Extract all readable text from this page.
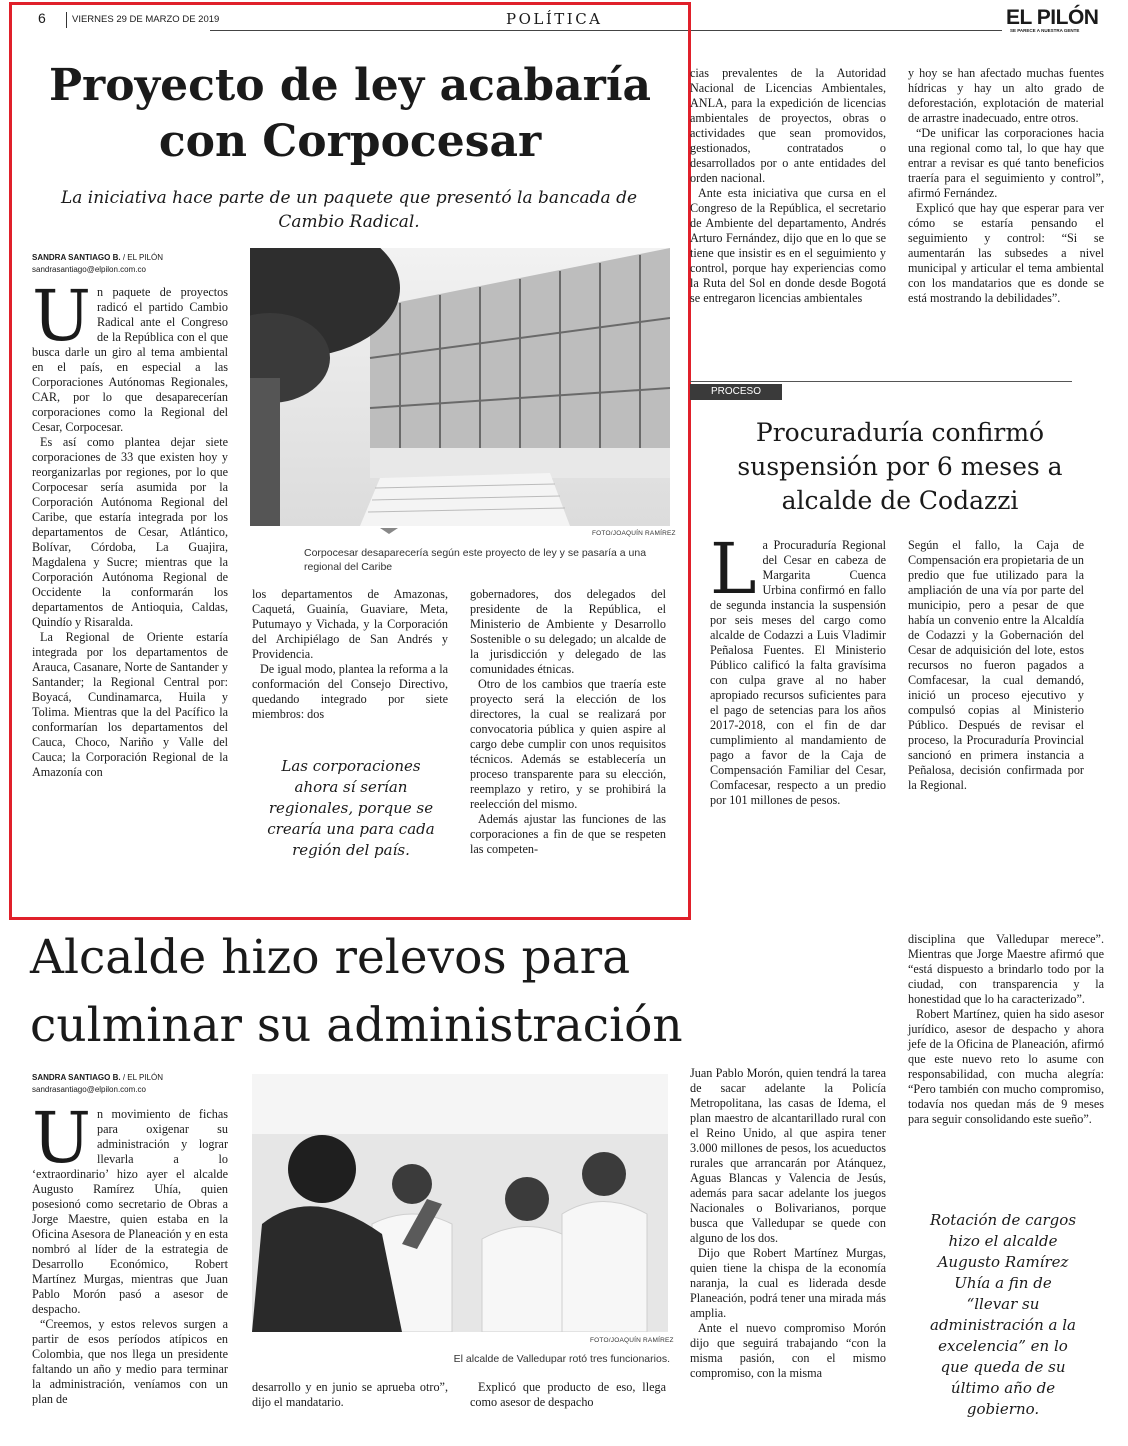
6	VIERNES 29 DE MARZO DE 2019	POLÍTICA	EL PILÓN
SE PARECE A NUESTRA GENTE
Proyecto de ley acabaría con Corpocesar
La iniciativa hace parte de un paquete que presentó la bancada de Cambio Radical.
SANDRA SANTIAGO B. / EL PILÓN
sandrasantiago@elpilon.com.co
U n paquete de proyectos radicó el partido Cambio Radical ante el Congreso de la República con el que busca darle un giro al tema ambiental en el país, en especial a las Corporaciones Autónomas Regionales, CAR, por lo que desaparecerían corporaciones como la Regional del Cesar, Corpocesar.

Es así como plantea dejar siete corporaciones de 33 que existen hoy y reorganizarlas por regiones, por lo que Corpocesar sería asumida por la Corporación Autónoma Regional del Caribe, que estaría integrada por los departamentos de Cesar, Atlántico, Bolívar, Córdoba, La Guajira, Magdalena y Sucre; mientras que la Corporación Autónoma Regional de Occidente la conformarán los departamentos de Antioquia, Caldas, Quindío y Risaralda.

La Regional de Oriente estaría integrada por los departamentos de Arauca, Casanare, Norte de Santander y Santander; la Regional Central por: Boyacá, Cundinamarca, Huila y Tolima. Mientras que la del Pacífico la conformarían los departamentos del Cauca, Choco, Nariño y Valle del Cauca; la Corporación Regional de la Amazonía con

FOTO/JOAQUÍN RAMÍREZ
Corpocesar desaparecería según este proyecto de ley y se pasaría a una regional del Caribe

los departamentos de Amazonas, Caquetá, Guainía, Guaviare, Meta, Putumayo y Vichada, y la Corporación del Archipiélago de San Andrés y Providencia.

De igual modo, plantea la reforma a la conformación del Consejo Directivo, quedando integrado por siete miembros: dos

Las corporaciones ahora sí serían regionales, porque se crearía una para cada región del país.

gobernadores, dos delegados del presidente de la República, el Ministerio de Ambiente y Desarrollo Sostenible o su delegado; un alcalde de la jurisdicción y delegado de las comunidades étnicas.

Otro de los cambios que traería este proyecto será la elección de los directores, la cual se realizará por convocatoria pública y quien aspire al cargo debe cumplir con unos requisitos técnicos. Además se establecería un proceso transparente para su elección, reemplazo y retiro, y se prohibirá la reelección del mismo.

Además ajustar las funciones de las corporaciones a fin de que se respeten las competen-

cias prevalentes de la Autoridad Nacional de Licencias Ambientales, ANLA, para la expedición de licencias ambientales de proyectos, obras o actividades que sean promovidos, gestionados, contratados o desarrollados por o ante entidades del orden nacional.

Ante esta iniciativa que cursa en el Congreso de la República, el secretario de Ambiente del departamento, Andrés Arturo Fernández, dijo que en lo que se tiene que insistir es en el seguimiento y control, porque hay experiencias como la Ruta del Sol en donde desde Bogotá se entregaron licencias ambientales

y hoy se han afectado muchas fuentes hídricas y hay un alto grado de deforestación, explotación de material de arrastre inadecuado, entre otros.

“De unificar las corporaciones hacia una regional como tal, lo que hay que entrar a revisar es qué tanto beneficios traería para el seguimiento y control”, afirmó Fernández.

Explicó que hay que esperar para ver cómo se estaría pensando el seguimiento y control: “Si se aumentarán las subsedes a nivel municipal y articular el tema ambiental con los mandatarios que es donde se está mostrando la debilidades”.

PROCESO
Procuraduría confirmó suspensión por 6 meses a alcalde de Codazzi
L a Procuraduría Regional del Cesar en cabeza de Margarita Cuenca Urbina confirmó en fallo de segunda instancia la suspensión por seis meses del cargo como alcalde de Codazzi a Luis Vladimir Peñalosa Fuentes. El Ministerio Público calificó la falta gravísima con culpa grave al no haber apropiado recursos suficientes para el pago de setencias para los años 2017-2018, con el fin de dar cumplimiento al mandamiento de pago a favor de la Caja de Compensación Familiar del Cesar, Comfacesar, respecto a un predio por 101 millones de pesos.

Según el fallo, la Caja de Compensación era propietaria de un predio que fue utilizado para la ampliación de una vía por parte del municipio, pero a pesar de que había un convenio entre la Alcaldía de Codazzi y la Gobernación del Cesar de adquisición del lote, estos recursos no fueron pagados a Comfacesar, la cual demandó, inició un proceso ejecutivo y compulsó copias al Ministerio Público. Después de revisar el proceso, la Procuraduría Provincial sancionó en primera instancia a Peñalosa, decisión confirmada por la Regional.

Alcalde hizo relevos para
culminar su administración
SANDRA SANTIAGO B. / EL PILÓN
sandrasantiago@elpilon.com.co
U n movimiento de fichas para oxigenar su administración y lograr llevarla a lo ‘extraordinario’ hizo ayer el alcalde Augusto Ramírez Uhía, quien posesionó como secretario de Obras a Jorge Maestre, quien estaba en la Oficina Asesora de Planeación y en esta nombró al líder de la estrategia de Desarrollo Económico, Robert Martínez Murgas, mientras que Juan Pablo Morón pasó a asesor de despacho.

“Creemos, y estos relevos surgen a partir de esos períodos atípicos en Colombia, que nos llega un presidente faltando un año y medio para terminar la administración, veníamos con un plan de

FOTO/JOAQUÍN RAMÍREZ
El alcalde de Valledupar rotó tres funcionarios.

desarrollo y en junio se aprueba otro”, dijo el mandatario.

Explicó que producto de eso, llega como asesor de despacho

Juan Pablo Morón, quien tendrá la tarea de sacar adelante la Policía Metropolitana, las casas de Idema, el plan maestro de alcantarillado rural con el Reino Unido, al que aspira tener 3.000 millones de pesos, los acueductos rurales que arrancarán por Atánquez, Aguas Blancas y Valencia de Jesús, además para sacar adelante los juegos Nacionales o Bolivarianos, porque busca que Valledupar se quede con alguno de los dos.

Dijo que Robert Martínez Murgas, quien tiene la chispa de la economía naranja, la cual es liderada desde Planeación, podrá tener una mirada más amplia.

Ante el nuevo compromiso Morón dijo que seguirá trabajando “con la misma pasión, con el mismo compromiso, con la misma

disciplina que Valledupar merece”. Mientras que Jorge Maestre afirmó que “está dispuesto a brindarlo todo por la ciudad, con transparencia y la honestidad que lo ha caracterizado”.

Robert Martínez, quien ha sido asesor jurídico, asesor de despacho y ahora jefe de la Oficina de Planeación, afirmó que este nuevo reto lo asume con responsabilidad, con mucha alegría: “Pero también con mucho compromiso, todavía nos quedan más de 9 meses para seguir consolidando este sueño”.

Rotación de cargos hizo el alcalde Augusto Ramírez Uhía a fin de “llevar su administración a la excelencia” en lo que queda de su último año de gobierno.
